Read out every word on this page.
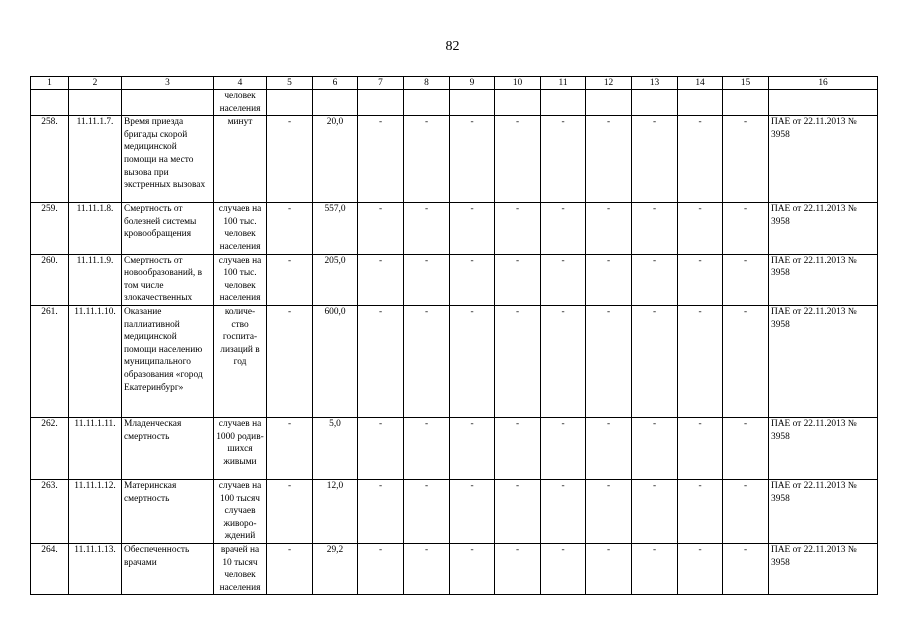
82
1	2	3	4	5	6	7	8	9	10	11	12	13	14	15	16
			человек населения												
258.	11.11.1.7.	Время приезда бригады скорой медицинской помощи на место вызова при экстренных вызовах	минут	-	20,0	-	-	-	-	-	-	-	-	-	ПАЕ от 22.11.2013 № 3958
259.	11.11.1.8.	Смертность от болезней системы кровообращения	случаев на 100 тыс. человек населения	-	557,0	-	-	-	-	-	-	-	-	-	ПАЕ от 22.11.2013 № 3958
260.	11.11.1.9.	Смертность от новообразований, в том числе злокачественных	случаев на 100 тыс. человек населения	-	205,0	-	-	-	-	-	-	-	-	-	ПАЕ от 22.11.2013 № 3958
261.	11.11.1.10.	Оказание паллиативной медицинской помощи населению муниципального образования «город Екатеринбург»	количе- ство госпита- лизаций в год	-	600,0	-	-	-	-	-	-	-	-	-	ПАЕ от 22.11.2013 № 3958
262.	11.11.1.11.	Младенческая смертность	случаев на 1000 родив- шихся живыми	-	5,0	-	-	-	-	-	-	-	-	-	ПАЕ от 22.11.2013 № 3958
263.	11.11.1.12.	Материнская смертность	случаев на 100 тысяч случаев живоро- ждений	-	12,0	-	-	-	-	-	-	-	-	-	ПАЕ от 22.11.2013 № 3958
264.	11.11.1.13.	Обеспеченность врачами	врачей на 10 тысяч человек населения	-	29,2	-	-	-	-	-	-	-	-	-	ПАЕ от 22.11.2013 № 3958
